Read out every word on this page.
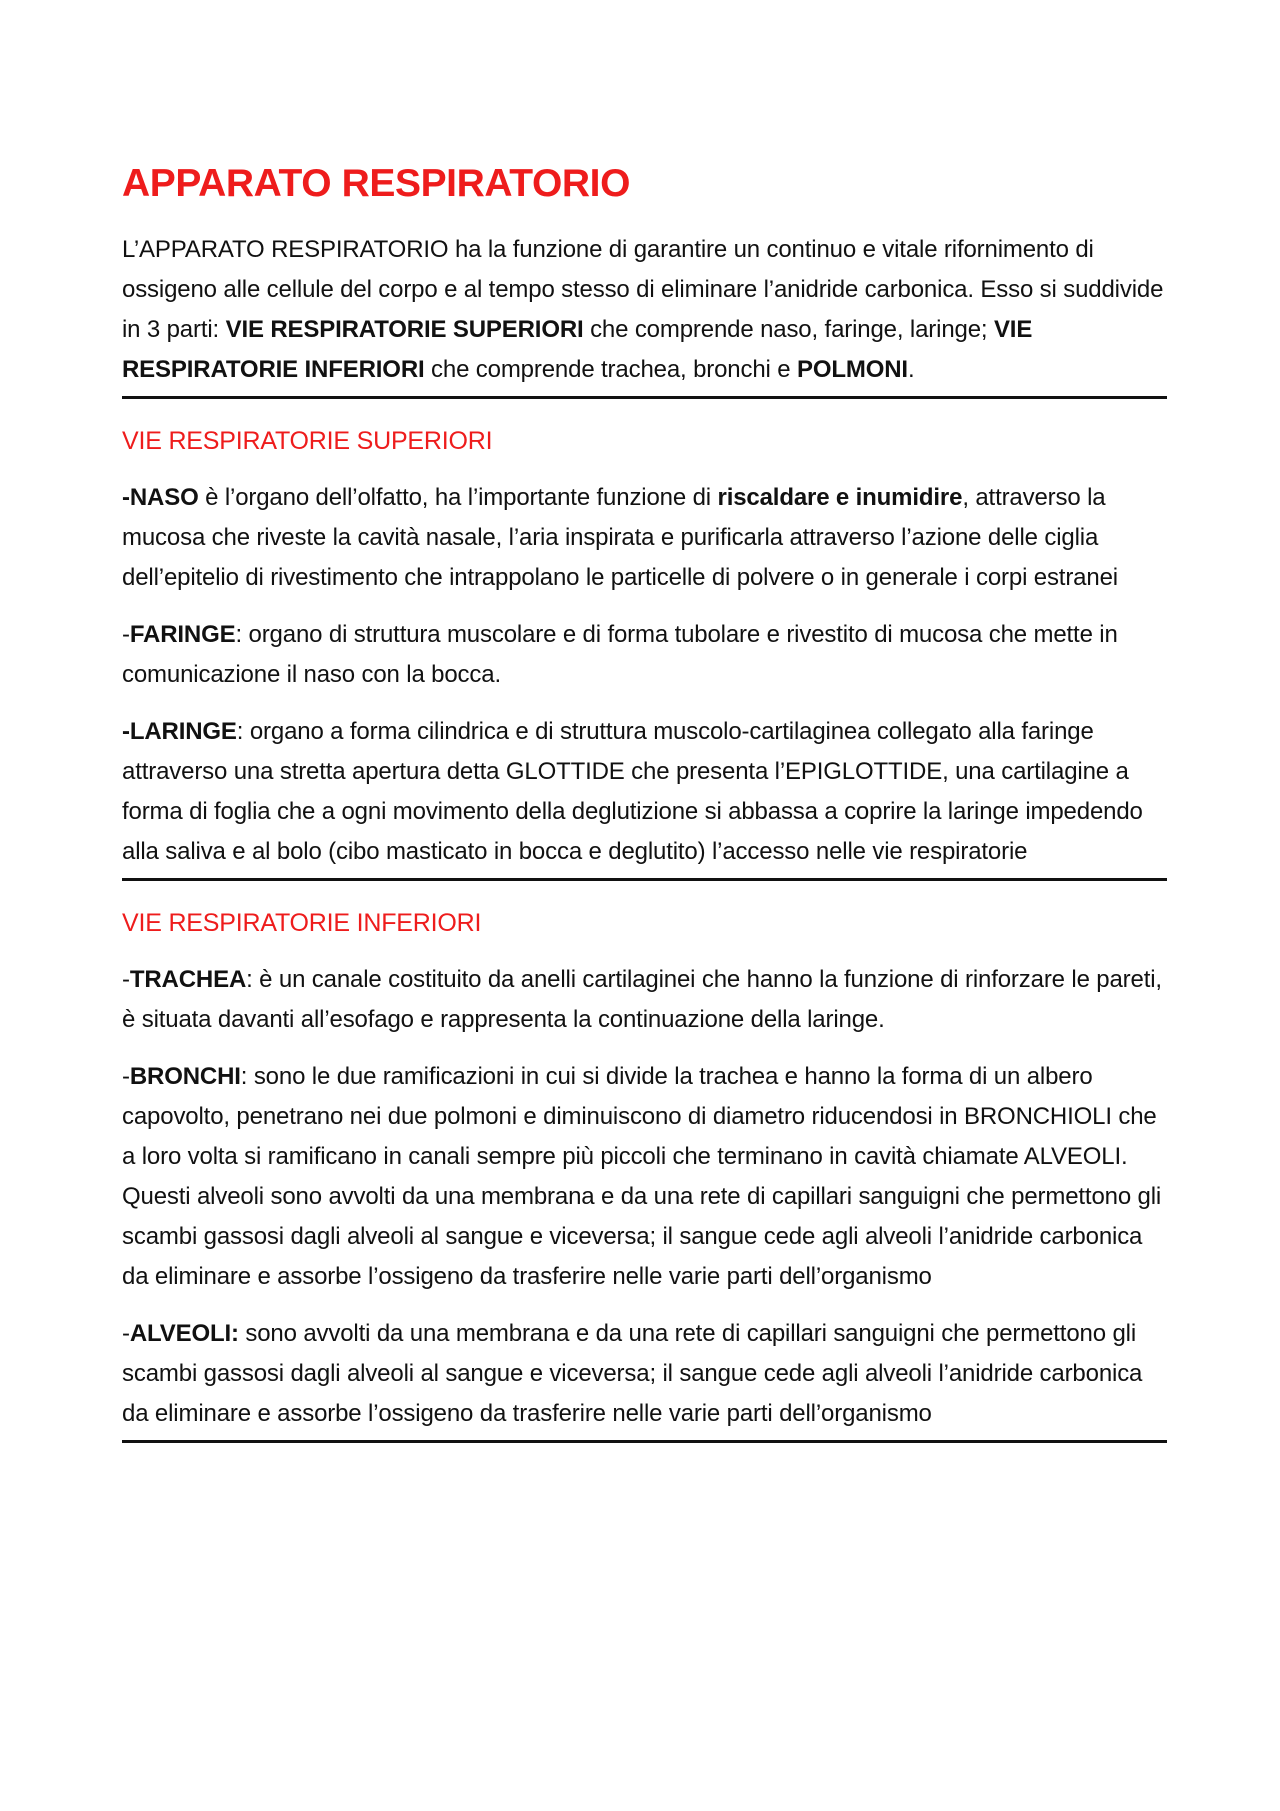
APPARATO RESPIRATORIO

L’APPARATO RESPIRATORIO ha la funzione di garantire un continuo e vitale rifornimento di ossigeno alle cellule del corpo e al tempo stesso di eliminare l’anidride carbonica. Esso si suddivide in 3 parti: VIE RESPIRATORIE SUPERIORI che comprende naso, faringe, laringe; VIE RESPIRATORIE INFERIORI che comprende trachea, bronchi e POLMONI.

VIE RESPIRATORIE SUPERIORI

-NASO è l’organo dell’olfatto, ha l’importante funzione di riscaldare e inumidire, attraverso la mucosa che riveste la cavità nasale, l’aria inspirata e purificarla attraverso l’azione delle ciglia dell’epitelio di rivestimento che intrappolano le particelle di polvere o in generale i corpi estranei

-FARINGE: organo di struttura muscolare e di forma tubolare e rivestito di mucosa che mette in comunicazione il naso con la bocca.

-LARINGE: organo a forma cilindrica e di struttura muscolo-cartilaginea collegato alla faringe attraverso una stretta apertura detta GLOTTIDE che presenta l’EPIGLOTTIDE, una cartilagine a forma di foglia che a ogni movimento della deglutizione si abbassa a coprire la laringe impedendo alla saliva e al bolo (cibo masticato in bocca e deglutito) l’accesso nelle vie respiratorie

VIE RESPIRATORIE INFERIORI

-TRACHEA: è un canale costituito da anelli cartilaginei che hanno la funzione di rinforzare le pareti, è situata davanti all’esofago e rappresenta la continuazione della laringe.

-BRONCHI: sono le due ramificazioni in cui si divide la trachea e hanno la forma di un albero capovolto, penetrano nei due polmoni e diminuiscono di diametro riducendosi in BRONCHIOLI che a loro volta si ramificano in canali sempre più piccoli che terminano in cavità chiamate ALVEOLI. Questi alveoli sono avvolti da una membrana e da una rete di capillari sanguigni che permettono gli scambi gassosi dagli alveoli al sangue e viceversa; il sangue cede agli alveoli l’anidride carbonica da eliminare e assorbe l’ossigeno da trasferire nelle varie parti dell’organismo

-ALVEOLI: sono avvolti da una membrana e da una rete di capillari sanguigni che permettono gli scambi gassosi dagli alveoli al sangue e viceversa; il sangue cede agli alveoli l’anidride carbonica da eliminare e assorbe l’ossigeno da trasferire nelle varie parti dell’organismo
